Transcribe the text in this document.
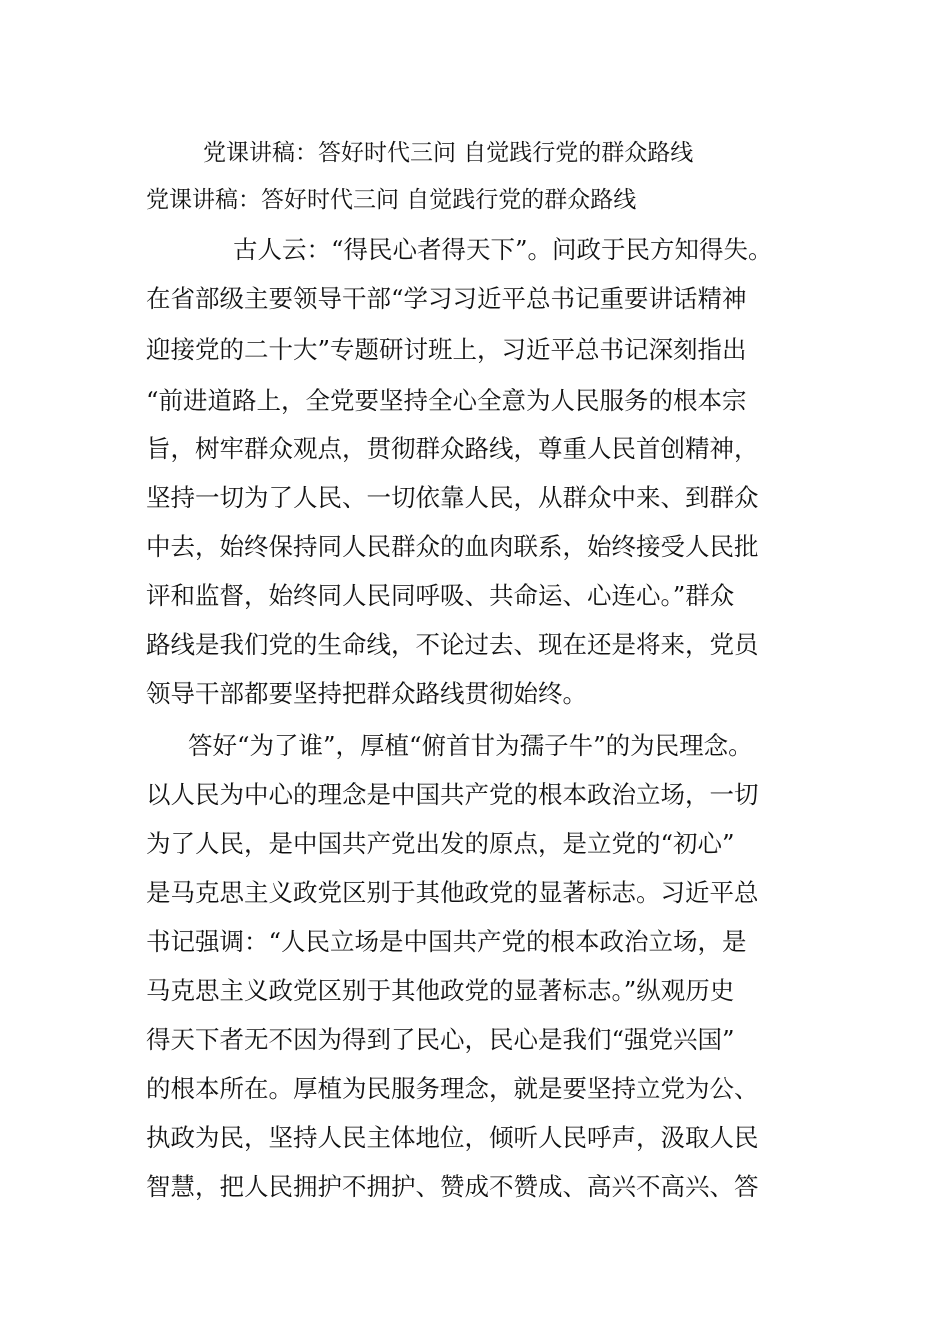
党课讲稿：答好时代三问 自觉践行党的群众路线
党课讲稿：答好时代三问 自觉践行党的群众路线
古人云：“得民心者得天下”。问政于民方知得失。
在省部级主要领导干部“学习习近平总书记重要讲话精神
迎接党的二十大”专题研讨班上，习近平总书记深刻指出
“前进道路上，全党要坚持全心全意为人民服务的根本宗
旨，树牢群众观点，贯彻群众路线，尊重人民首创精神，
坚持一切为了人民、一切依靠人民，从群众中来、到群众
中去，始终保持同人民群众的血肉联系，始终接受人民批
评和监督，始终同人民同呼吸、共命运、心连心。”群众
路线是我们党的生命线，不论过去、现在还是将来，党员
领导干部都要坚持把群众路线贯彻始终。
答好“为了谁”，厚植“俯首甘为孺子牛”的为民理念。
以人民为中心的理念是中国共产党的根本政治立场，一切
为了人民，是中国共产党出发的原点，是立党的“初心”
是马克思主义政党区别于其他政党的显著标志。习近平总
书记强调：“人民立场是中国共产党的根本政治立场，是
马克思主义政党区别于其他政党的显著标志。”纵观历史
得天下者无不因为得到了民心，民心是我们“强党兴国”
的根本所在。厚植为民服务理念，就是要坚持立党为公、
执政为民，坚持人民主体地位，倾听人民呼声，汲取人民
智慧，把人民拥护不拥护、赞成不赞成、高兴不高兴、答
